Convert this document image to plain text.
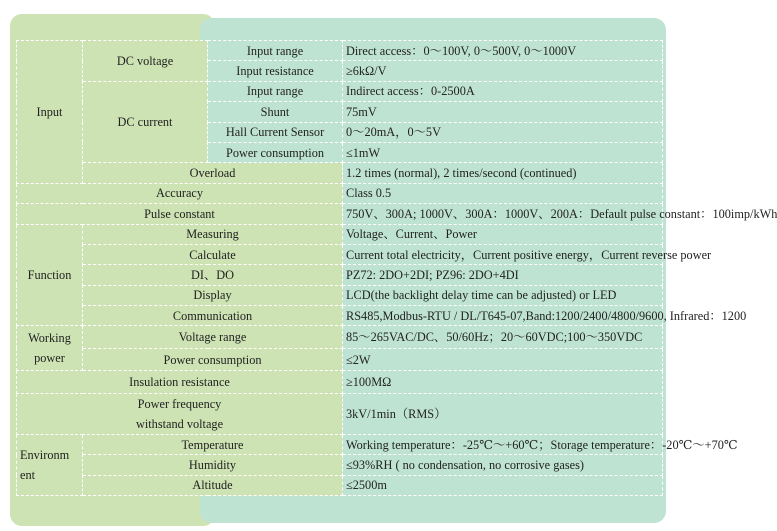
Input	DC voltage	Input range	Direct access：0～100V, 0～500V, 0～1000V
		Input resistance	≥6kΩ/V
	DC current	Input range	Indirect access：0-2500A
		Shunt	75mV
		Hall Current Sensor	0～20mA，0～5V
		Power consumption	≤1mW
	Overload		1.2 times (normal), 2 times/second (continued)
Accuracy			Class 0.5
Pulse constant			750V、300A; 1000V、300A：1000V、200A：Default pulse constant：100imp/kWh
Function	Measuring		Voltage、Current、Power
	Calculate		Current total electricity，Current positive energy，Current reverse power
	DI、DO		PZ72: 2DO+2DI; PZ96: 2DO+4DI
	Display		LCD(the backlight delay time can be adjusted) or LED
	Communication		RS485,Modbus-RTU / DL/T645-07,Band:1200/2400/4800/9600, Infrared：1200
Working
power	Voltage range		85～265VAC/DC、50/60Hz；20～60VDC;100～350VDC
	Power consumption		≤2W
Insulation resistance			≥100MΩ
Power frequency
withstand voltage			3kV/1min（RMS）
Environm
ent	Temperature		Working temperature：-25℃～+60℃；Storage temperature：-20℃～+70℃
	Humidity		≤93%RH ( no condensation, no corrosive gases)
	Altitude		≤2500m
